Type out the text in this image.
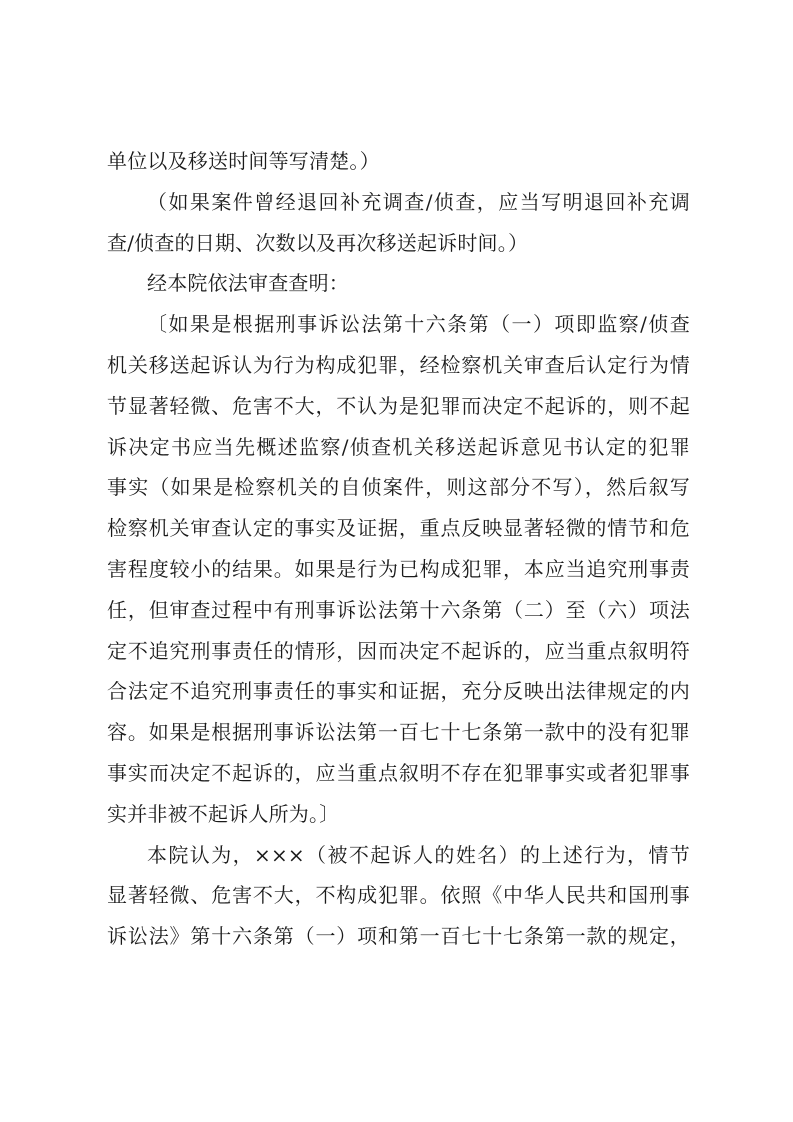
单位以及移送时间等写清楚。）
（如果案件曾经退回补充调查/侦查，应当写明退回补充调
查/侦查的日期、次数以及再次移送起诉时间。）
经本院依法审查查明：
〔如果是根据刑事诉讼法第十六条第（一）项即监察/侦查
机关移送起诉认为行为构成犯罪，经检察机关审查后认定行为情
节显著轻微、危害不大，不认为是犯罪而决定不起诉的，则不起
诉决定书应当先概述监察/侦查机关移送起诉意见书认定的犯罪
事实（如果是检察机关的自侦案件，则这部分不写），然后叙写
检察机关审查认定的事实及证据，重点反映显著轻微的情节和危
害程度较小的结果。如果是行为已构成犯罪，本应当追究刑事责
任，但审查过程中有刑事诉讼法第十六条第（二）至（六）项法
定不追究刑事责任的情形，因而决定不起诉的，应当重点叙明符
合法定不追究刑事责任的事实和证据，充分反映出法律规定的内
容。如果是根据刑事诉讼法第一百七十七条第一款中的没有犯罪
事实而决定不起诉的，应当重点叙明不存在犯罪事实或者犯罪事
实并非被不起诉人所为。〕
本院认为，×××（被不起诉人的姓名）的上述行为，情节
显著轻微、危害不大，不构成犯罪。依照《中华人民共和国刑事
诉讼法》第十六条第（一）项和第一百七十七条第一款的规定，
